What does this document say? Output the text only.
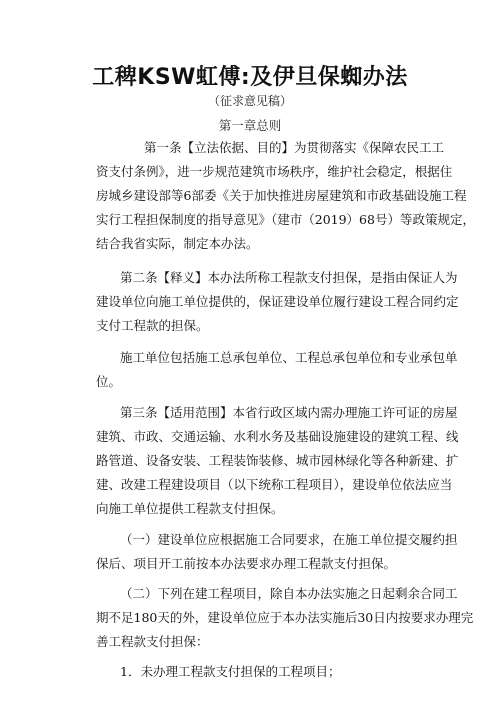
工稗KSW虹傅:及伊旦保蜘办法
（征求意见稿）
第一章总则
第一条【立法依据、目的】为贯彻落实《保障农民工工
资支付条例》，进一步规范建筑市场秩序，维护社会稳定，根据住
房城乡建设部等6部委《关于加快推进房屋建筑和市政基础设施工程
实行工程担保制度的指导意见》（建市（2019）68号）等政策规定，
结合我省实际，制定本办法。
第二条【释义】本办法所称工程款支付担保，是指由保证人为
建设单位向施工单位提供的，保证建设单位履行建设工程合同约定
支付工程款的担保。
施工单位包括施工总承包单位、工程总承包单位和专业承包单
位。
第三条【适用范围】本省行政区域内需办理施工许可证的房屋
建筑、市政、交通运输、水利水务及基础设施建设的建筑工程、线
路管道、设备安装、工程装饰装修、城市园林绿化等各种新建、扩
建、改建工程建设项目（以下统称工程项目），建设单位依法应当
向施工单位提供工程款支付担保。
（一）建设单位应根据施工合同要求，在施工单位提交履约担
保后、项目开工前按本办法要求办理工程款支付担保。
（二）下列在建工程项目，除自本办法实施之日起剩余合同工
期不足180天的外，建设单位应于本办法实施后30日内按要求办理完
善工程款支付担保：
1．未办理工程款支付担保的工程项目；
